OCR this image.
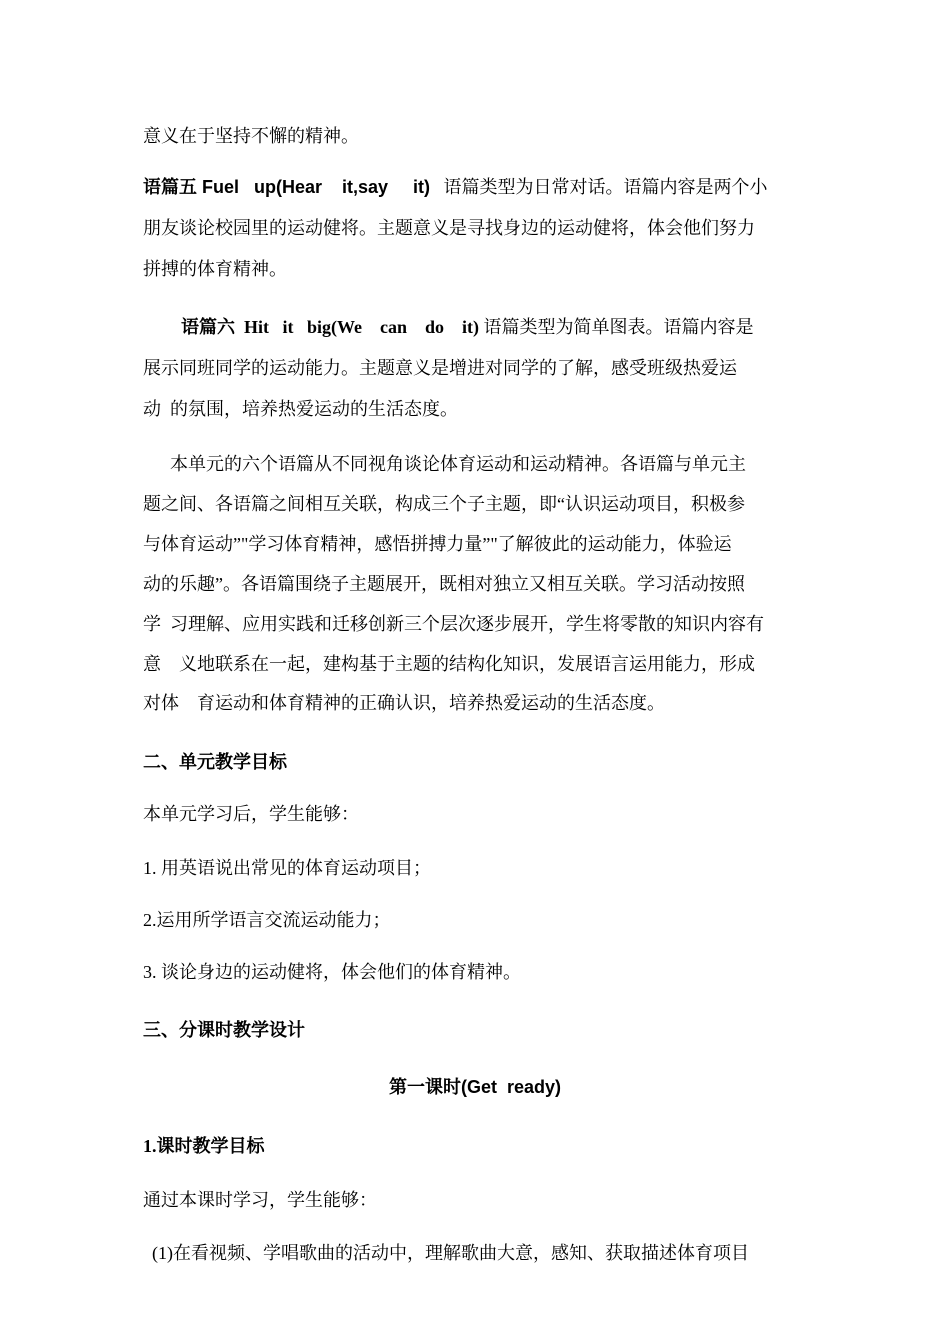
意义在于坚持不懈的精神。
语篇五 Fuel   up(Hear    it,say     it)   语篇类型为日常对话。语篇内容是两个小
朋友谈论校园里的运动健将。主题意义是寻找身边的运动健将，体会他们努力
拼搏的体育精神。
语篇六  Hit   it   big(We    can    do    it) 语篇类型为简单图表。语篇内容是
展示同班同学的运动能力。主题意义是增进对同学的了解，感受班级热爱运
动  的氛围，培养热爱运动的生活态度。
本单元的六个语篇从不同视角谈论体育运动和运动精神。各语篇与单元主
题之间、各语篇之间相互关联，构成三个子主题，即“认识运动项目，积极参
与体育运动”"学习体育精神，感悟拼搏力量”"了解彼此的运动能力，体验运
动的乐趣”。各语篇围绕子主题展开，既相对独立又相互关联。学习活动按照
学  习理解、应用实践和迁移创新三个层次逐步展开，学生将零散的知识内容有
意    义地联系在一起，建构基于主题的结构化知识，发展语言运用能力，形成
对体    育运动和体育精神的正确认识，培养热爱运动的生活态度。
二、单元教学目标
本单元学习后，学生能够：
1. 用英语说出常见的体育运动项目；
2.运用所学语言交流运动能力；
3. 谈论身边的运动健将，体会他们的体育精神。
三、分课时教学设计
第一课时(Get  ready)
1.课时教学目标
通过本课时学习，学生能够：
(1)在看视频、学唱歌曲的活动中，理解歌曲大意，感知、获取描述体育项目
